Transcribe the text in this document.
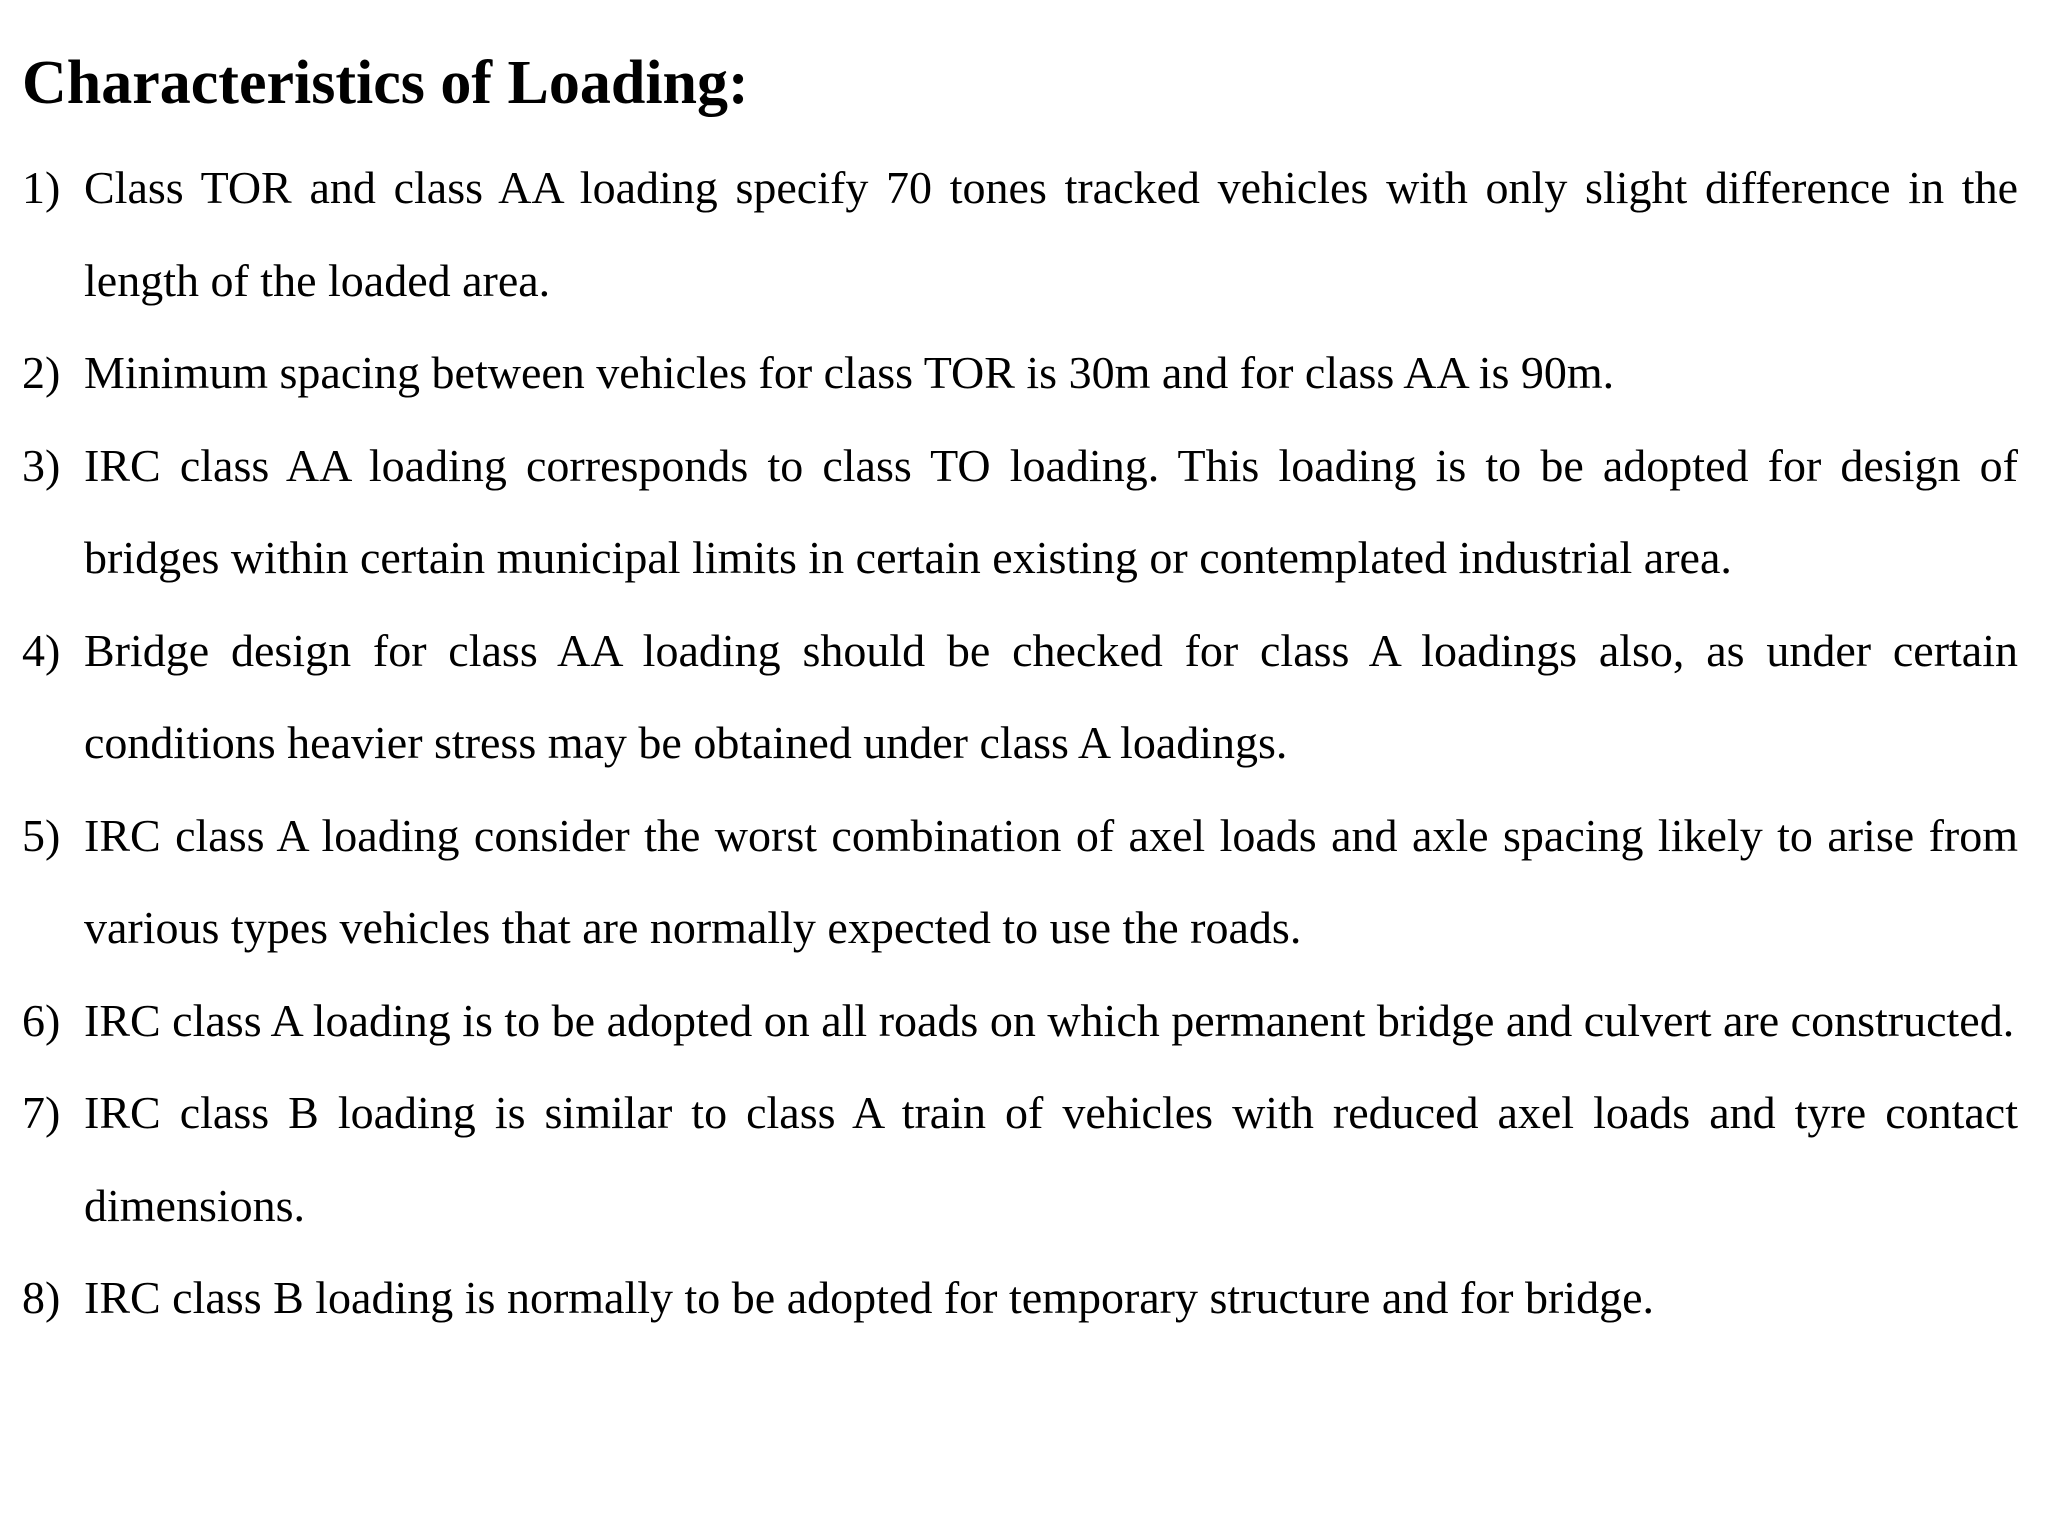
Characteristics of Loading:
1) Class TOR and class AA loading specify 70 tones tracked vehicles with only slight difference in the length of the loaded area.
2) Minimum spacing between vehicles for class TOR is 30m and for class AA is 90m.
3) IRC class AA loading corresponds to class TO loading. This loading is to be adopted for design of bridges within certain municipal limits in certain existing or contemplated industrial area.
4) Bridge design for class AA loading should be checked for class A loadings also, as under certain conditions heavier stress may be obtained under class A loadings.
5) IRC class A loading consider the worst combination of axel loads and axle spacing likely to arise from various types vehicles that are normally expected to use the roads.
6) IRC class A loading is to be adopted on all roads on which permanent bridge and culvert are constructed.
7) IRC class B loading is similar to class A train of vehicles with reduced axel loads and tyre contact dimensions.
8) IRC class B loading is normally to be adopted for temporary structure and for bridge.
